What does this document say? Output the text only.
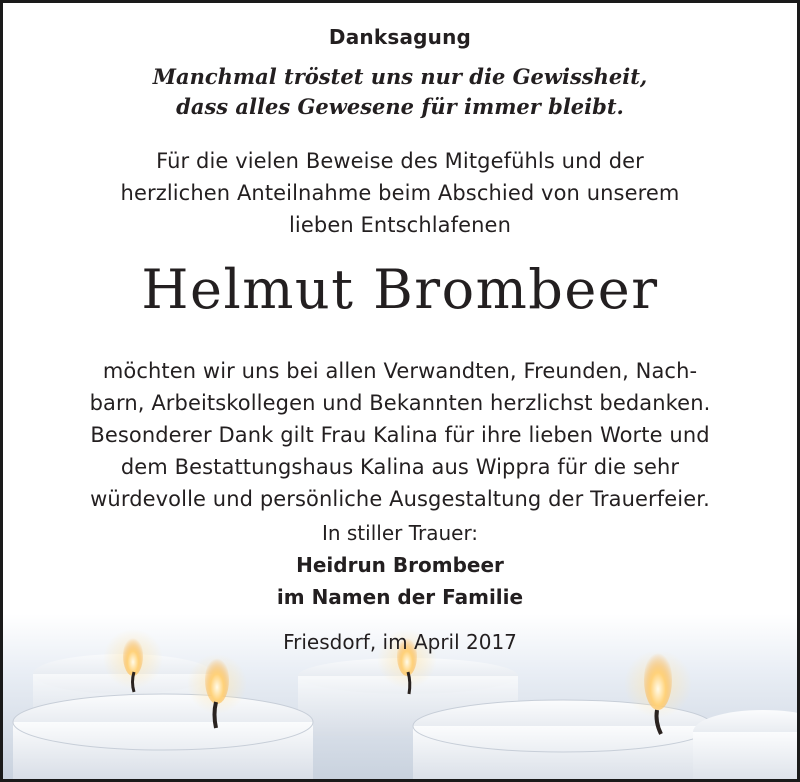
Danksagung
Manchmal tröstet uns nur die Gewissheit,
dass alles Gewesene für immer bleibt.
Für die vielen Beweise des Mitgefühls und der
herzlichen Anteilnahme beim Abschied von unserem
lieben Entschlafenen
Helmut Brombeer
möchten wir uns bei allen Verwandten, Freunden, Nach-
barn, Arbeitskollegen und Bekannten herzlichst bedanken.
Besonderer Dank gilt Frau Kalina für ihre lieben Worte und
dem Bestattungshaus Kalina aus Wippra für die sehr
würdevolle und persönliche Ausgestaltung der Trauerfeier.
In stiller Trauer:
Heidrun Brombeer
im Namen der Familie
Friesdorf, im April 2017
